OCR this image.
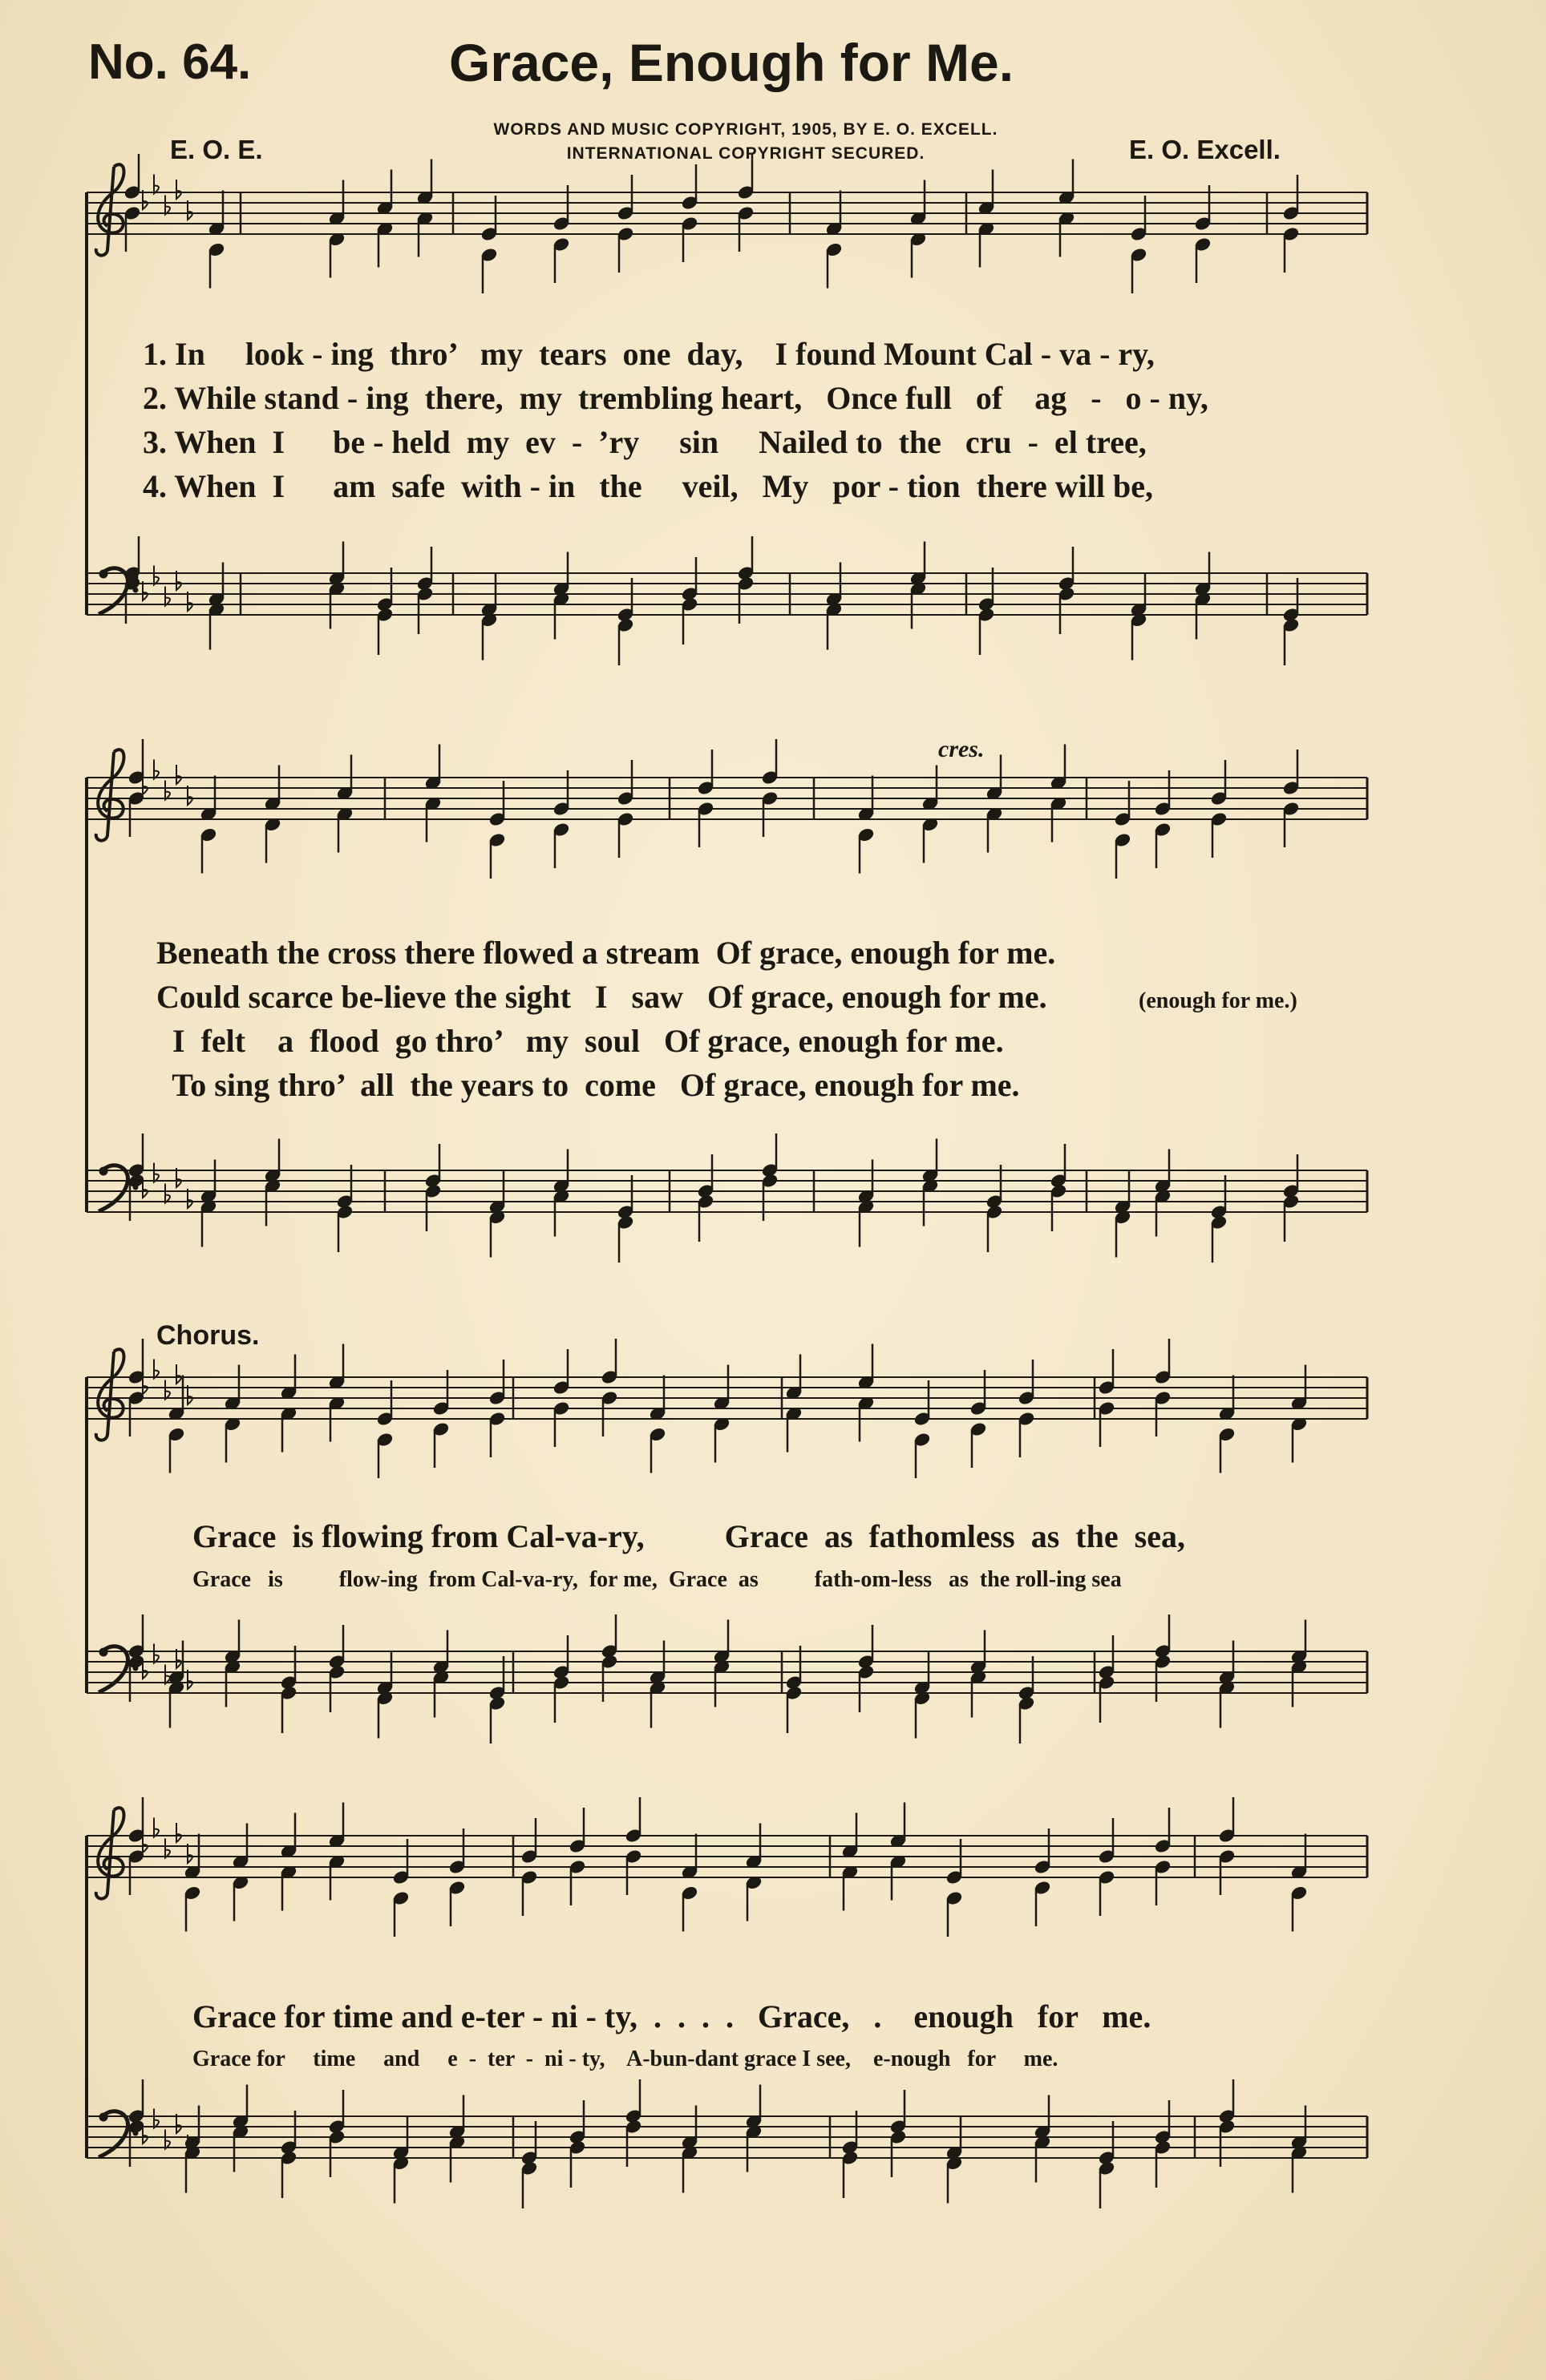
No. 64.	Grace, Enough for Me.
WORDS AND MUSIC COPYRIGHT, 1905, BY E. O. EXCELL.
INTERNATIONAL COPYRIGHT SECURED.
E. O. E.	E. O. Excell.
1. In     look - ing  thro’   my  tears  one  day,    I found Mount Cal - va - ry,
2. While stand - ing  there,  my  trembling heart,   Once full   of    ag   -   o - ny,
3. When  I      be - held  my  ev  -  ’ry     sin     Nailed to  the   cru  -  el tree,
4. When  I      am  safe  with - in   the     veil,   My   por - tion  there will be,
cres.
Beneath the cross there flowed a stream  Of grace, enough for me.
Could scarce be-lieve the sight   I   saw   Of grace, enough for me.	(enough for me.)
I  felt    a  flood  go thro’   my  soul   Of grace, enough for me.
To sing thro’  all  the years to  come   Of grace, enough for me.
Chorus.
Grace  is flowing from Cal-va-ry,          Grace  as  fathomless  as  the  sea,
Grace   is          flow-ing  from Cal-va-ry,  for me,  Grace  as          fath-om-less   as  the roll-ing sea
Grace for time and e-ter - ni - ty,  .  .  .  .   Grace,   .    enough   for   me.
Grace for     time     and     e  -  ter  -  ni - ty,    A-bun-dant grace I see,    e-nough   for     me.
